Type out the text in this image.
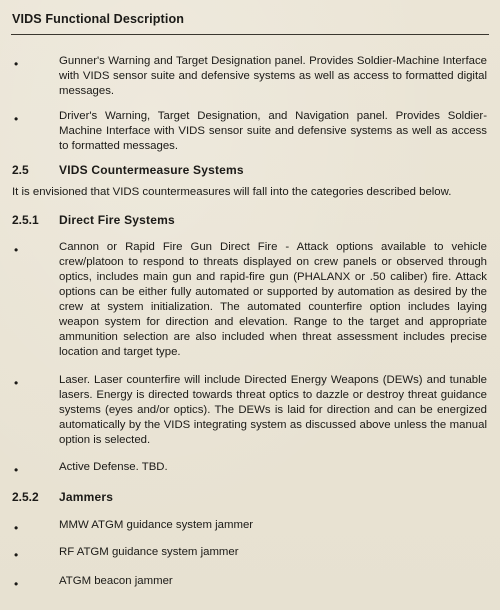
VIDS Functional Description
•	Gunner's Warning and Target Designation panel. Provides Soldier-Machine Interface with VIDS sensor suite and defensive systems as well as access to formatted digital messages.
•	Driver's Warning, Target Designation, and Navigation panel. Provides Soldier-Machine Interface with VIDS sensor suite and defensive systems as well as access to formatted messages.
2.5	VIDS Countermeasure Systems
It is envisioned that VIDS countermeasures will fall into the categories described below.
2.5.1 Direct Fire Systems
•	Cannon or Rapid Fire Gun Direct Fire - Attack options available to vehicle crew/platoon to respond to threats displayed on crew panels or observed through optics, includes main gun and rapid-fire gun (PHALANX or .50 caliber) fire. Attack options can be either fully automated or supported by automation as desired by the crew at system initialization. The automated counterfire option includes laying weapon system for direction and elevation. Range to the target and appropriate ammunition selection are also included when threat assessment includes precise location and target type.
•	Laser. Laser counterfire will include Directed Energy Weapons (DEWs) and tunable lasers. Energy is directed towards threat optics to dazzle or destroy threat guidance systems (eyes and/or optics). The DEWs is laid for direction and can be energized automatically by the VIDS integrating system as discussed above unless the manual option is selected.
•	Active Defense. TBD.
2.5.2 Jammers
•	MMW ATGM guidance system jammer
•	RF ATGM guidance system jammer
•	ATGM beacon jammer
